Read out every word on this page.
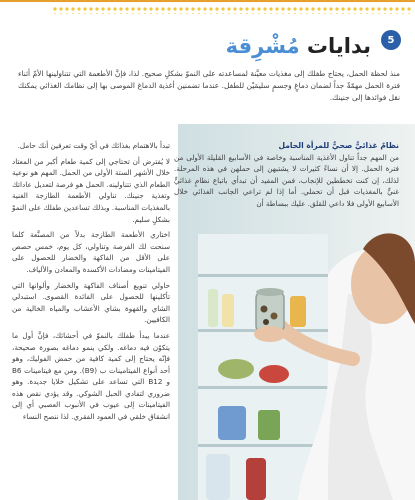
5
بدايات مُشْرِقة
منذ لحظة الحمل، يحتاج طفلك إلى مغذيات معيَّنة لمساعدته على النموّ بشكلٍ صحيح. لذا، فإنَّ الأطعمة التي تتناولينها الأمّ أثناء فترة الحمل مهمّةٌ جداً لضمان دماغٍ وجسمٍ سليمَيْن للطفل. عندما تضمنين أغذية الدماغ الموصى بها إلى نظامك الغذائي يمكنك نقل فوائدها إلى جنينك.

تبدأ بالاهتمام بغذائك في أيّ وقت تعرفين أنك حامل.

لا يُفترض أن تحتاجي إلى كمية طعام أكبر من المعتاد خلال الأشهر الستة الأولى من الحمل. المهم هو نوعية الطعام الذي تتناولينه. الحمل هو فرصة لتعديل عاداتك وتغذية جنينك. تناولي الأطعمة الطازجة الغنية بالمغذيات المناسبة. وبذلك تساعدين طفلك على النموّ بشكلٍ سليم.

اختاري الأطعمة الطازجة بدلاً من المصنَّعة كلما سنحت لك الفرصة وتناولي، كل يوم، خمس حصص على الأقل من الفاكهة والخضار للحصول على الفيتامينات ومضادات الأكسدة والمعادن والألياف.

حاولي تنويع أصناف الفاكهة والخضار وألوانها التي تأكلينها للحصول على الفائدة القصوى. استبدلي الشاي والقهوة بشاي الأعشاب والمياه الخالية من الكافيين.

عندما يبدأ طفلك بالنموّ في أحشائك، فإنَّ أول ما يتكوّن فيه دماغه. ولكي ينمو دماغه بصورة صحيحة، فإنّه يحتاج إلى كمية كافية من حمض الفوليك، وهو أحد أنواع الفيتامينات ب (B9). ومن مع فيتامينات B6 و B12 التي تساعد على تشكيل خلايا جديدة. وهو ضروري لتفادي الحبل الشوكي. وقد يؤدي نقص هذه الفيتامينات إلى عيوب في الأنبوب العصبي أي إلى انشقاق خلقي في العمود الفقري. لذا ننصح النساء

نظامٌ غذائيٌّ صحيٌّ للمرأة الحامل
من المهم جداً تناول الأغذية المناسبة وخاصة في الأسابيع القليلة الأولى من فترة الحمل. إلا أن نساءً كثيرات لا يشتبهن إلى حملهن في هذه المرحلة. لذلك، إن كنت تخططين للإنجاب، فمن المفيد أن تبدأي باتباع نظامٍ غذائيٍّ غنيٍّ بالمغذيات قبل أن تحملي. أما إذا لم تراعي الجانب الغذائي خلال الأسابيع الأولى فلا داعي للقلق. عليك ببساطة أن
